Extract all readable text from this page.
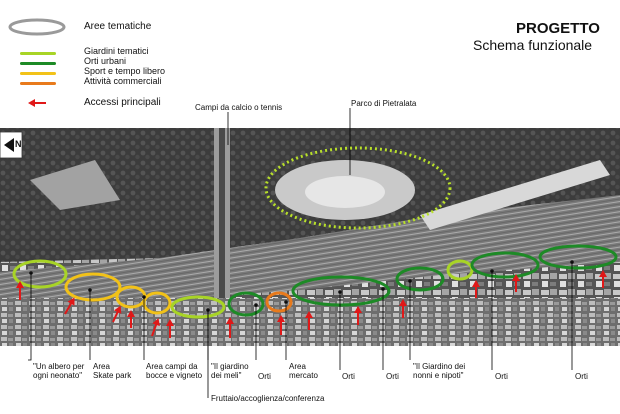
PROGETTO
Schema funzionale
Aree tematiche
Giardini tematici
Orti urbani
Sport e tempo libero
Attività commerciali
Accessi principali
N
Campi da calcio o tennis	Parco di Pietralata
"Un albero per
ogni neonato"
Area
Skate park
Area campi da
bocce e vigneto
"Il giardino
dei meli"	Orti
Area
mercato	Orti	Orti
"Il Giardino dei
nonni e nipoti"	Orti	Orti
Fruttaio/accoglienza/conferenza
